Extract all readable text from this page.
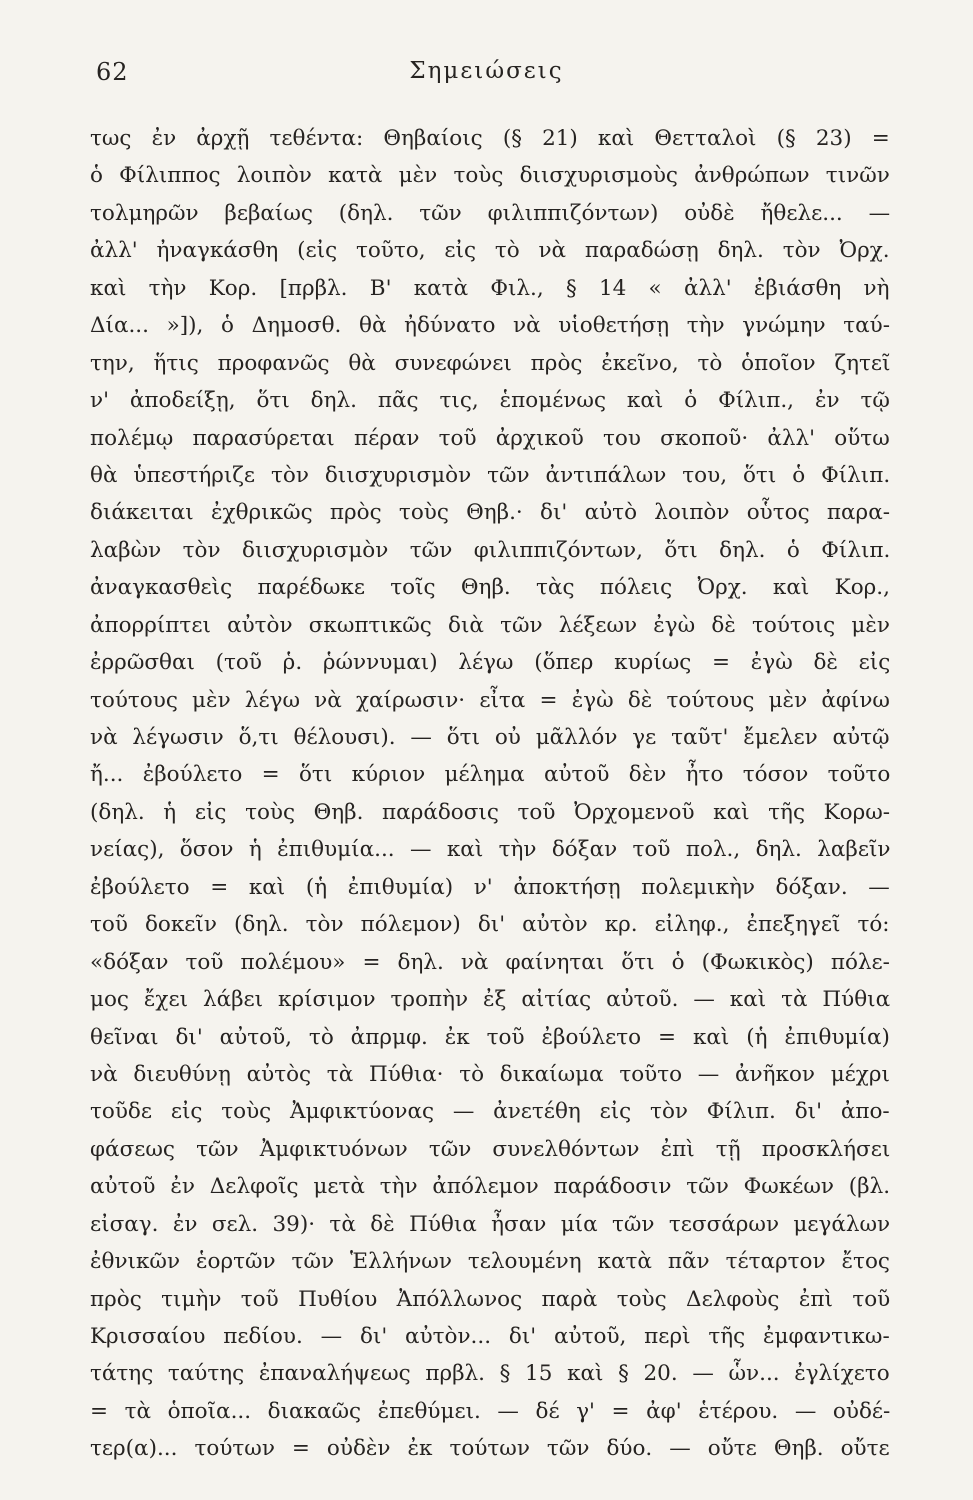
62	Σημειώσεις
τως ἐν ἀρχῇ τεθέντα: Θηβαίοις (§ 21) καὶ Θετταλοὶ (§ 23) =
ὁ Φίλιππος λοιπὸν κατὰ μὲν τοὺς διισχυρισμοὺς ἀνθρώπων τινῶν
τολμηρῶν βεβαίως (δηλ. τῶν φιλιππιζόντων) οὐδὲ ἤθελε... —
ἀλλ' ἠναγκάσθη (εἰς τοῦτο, εἰς τὸ νὰ παραδώσῃ δηλ. τὸν Ὀρχ.
καὶ τὴν Κορ. [πρβλ. Β' κατὰ Φιλ., § 14 « ἀλλ' ἐβιάσθη νὴ
Δία... »]), ὁ Δημοσθ. θὰ ἠδύνατο νὰ υἱοθετήσῃ τὴν γνώμην ταύ-
την, ἥτις προφανῶς θὰ συνεφώνει πρὸς ἐκεῖνο, τὸ ὁποῖον ζητεῖ
ν' ἀποδείξῃ, ὅτι δηλ. πᾶς τις, ἑπομένως καὶ ὁ Φίλιπ., ἐν τῷ
πολέμῳ παρασύρεται πέραν τοῦ ἀρχικοῦ του σκοποῦ· ἀλλ' οὕτω
θὰ ὑπεστήριζε τὸν διισχυρισμὸν τῶν ἀντιπάλων του, ὅτι ὁ Φίλιπ.
διάκειται ἐχθρικῶς πρὸς τοὺς Θηβ.· δι' αὐτὸ λοιπὸν οὗτος παρα-
λαβὼν τὸν διισχυρισμὸν τῶν φιλιππιζόντων, ὅτι δηλ. ὁ Φίλιπ.
ἀναγκασθεὶς παρέδωκε τοῖς Θηβ. τὰς πόλεις Ὀρχ. καὶ Κορ.,
ἀπορρίπτει αὐτὸν σκωπτικῶς διὰ τῶν λέξεων ἐγὼ δὲ τούτοις μὲν
ἐρρῶσθαι (τοῦ ῥ. ῥώννυμαι) λέγω (ὅπερ κυρίως = ἐγὼ δὲ εἰς
τούτους μὲν λέγω νὰ χαίρωσιν· εἶτα = ἐγὼ δὲ τούτους μὲν ἀφίνω
νὰ λέγωσιν ὅ,τι θέλουσι). — ὅτι οὐ μᾶλλόν γε ταῦτ' ἔμελεν αὐτῷ
ἤ... ἐβούλετο = ὅτι κύριον μέλημα αὐτοῦ δὲν ἦτο τόσον τοῦτο
(δηλ. ἡ εἰς τοὺς Θηβ. παράδοσις τοῦ Ὀρχομενοῦ καὶ τῆς Κορω-
νείας), ὅσον ἡ ἐπιθυμία... — καὶ τὴν δόξαν τοῦ πολ., δηλ. λαβεῖν
ἐβούλετο = καὶ (ἡ ἐπιθυμία) ν' ἀποκτήσῃ πολεμικὴν δόξαν. —
τοῦ δοκεῖν (δηλ. τὸν πόλεμον) δι' αὐτὸν κρ. εἰληφ., ἐπεξηγεῖ τό:
«δόξαν τοῦ πολέμου» = δηλ. νὰ φαίνηται ὅτι ὁ (Φωκικὸς) πόλε-
μος ἔχει λάβει κρίσιμον τροπὴν ἐξ αἰτίας αὐτοῦ. — καὶ τὰ Πύθια
θεῖναι δι' αὐτοῦ, τὸ ἀπρμφ. ἐκ τοῦ ἐβούλετο = καὶ (ἡ ἐπιθυμία)
νὰ διευθύνῃ αὐτὸς τὰ Πύθια· τὸ δικαίωμα τοῦτο — ἀνῆκον μέχρι
τοῦδε εἰς τοὺς Ἀμφικτύονας — ἀνετέθη εἰς τὸν Φίλιπ. δι' ἀπο-
φάσεως τῶν Ἀμφικτυόνων τῶν συνελθόντων ἐπὶ τῇ προσκλήσει
αὐτοῦ ἐν Δελφοῖς μετὰ τὴν ἀπόλεμον παράδοσιν τῶν Φωκέων (βλ.
εἰσαγ. ἐν σελ. 39)· τὰ δὲ Πύθια ἦσαν μία τῶν τεσσάρων μεγάλων
ἐθνικῶν ἑορτῶν τῶν Ἑλλήνων τελουμένη κατὰ πᾶν τέταρτον ἔτος
πρὸς τιμὴν τοῦ Πυθίου Ἀπόλλωνος παρὰ τοὺς Δελφοὺς ἐπὶ τοῦ
Κρισσαίου πεδίου. — δι' αὐτὸν... δι' αὐτοῦ, περὶ τῆς ἐμφαντικω-
τάτης ταύτης ἐπαναλήψεως πρβλ. § 15 καὶ § 20. — ὧν... ἐγλίχετο
= τὰ ὁποῖα... διακαῶς ἐπεθύμει. — δέ γ' = ἀφ' ἑτέρου. — οὐδέ-
τερ(α)... τούτων = οὐδὲν ἐκ τούτων τῶν δύο. — οὔτε Θηβ. οὔτε
